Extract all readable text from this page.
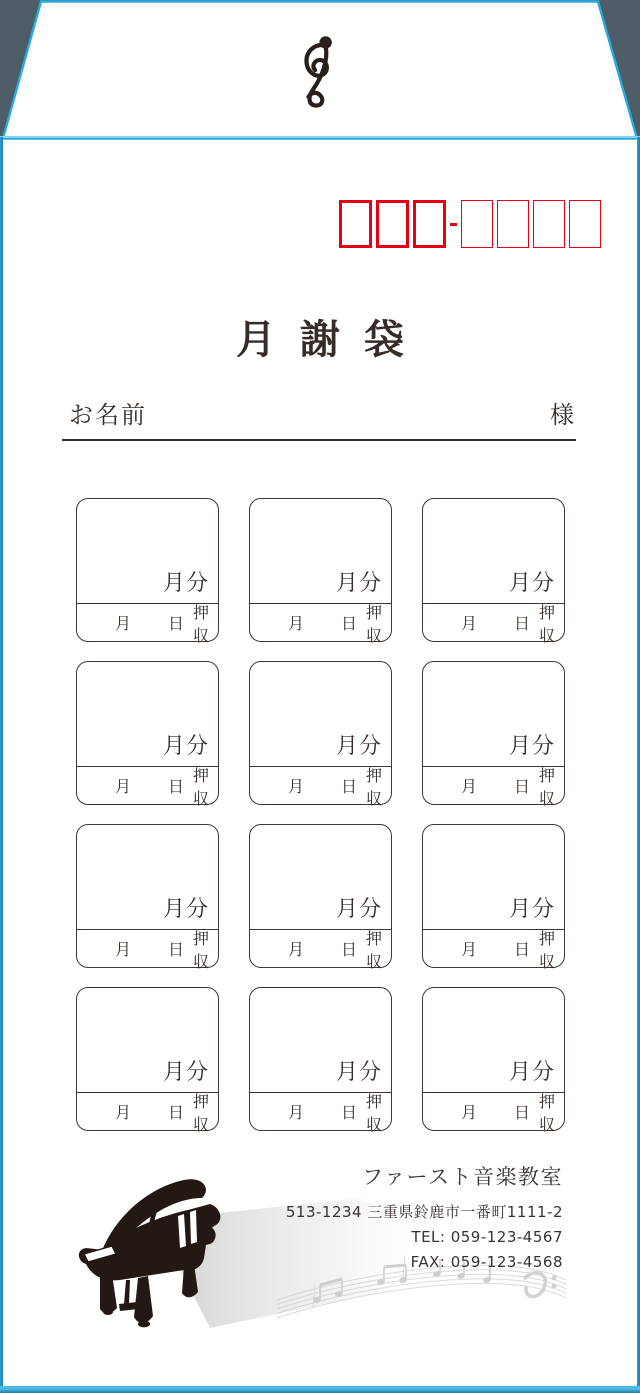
月謝袋
お名前	様
月分
月 日
押収
月分
月 日
押収
月分
月 日
押収
月分
月 日
押収
月分
月 日
押収
月分
月 日
押収
月分
月 日
押収
月分
月 日
押収
月分
月 日
押収
月分
月 日
押収
月分
月 日
押収
月分
月 日
押収
ファースト音楽教室
513-1234 三重県鈴鹿市一番町1111-2
TEL: 059-123-4567
FAX: 059-123-4568
